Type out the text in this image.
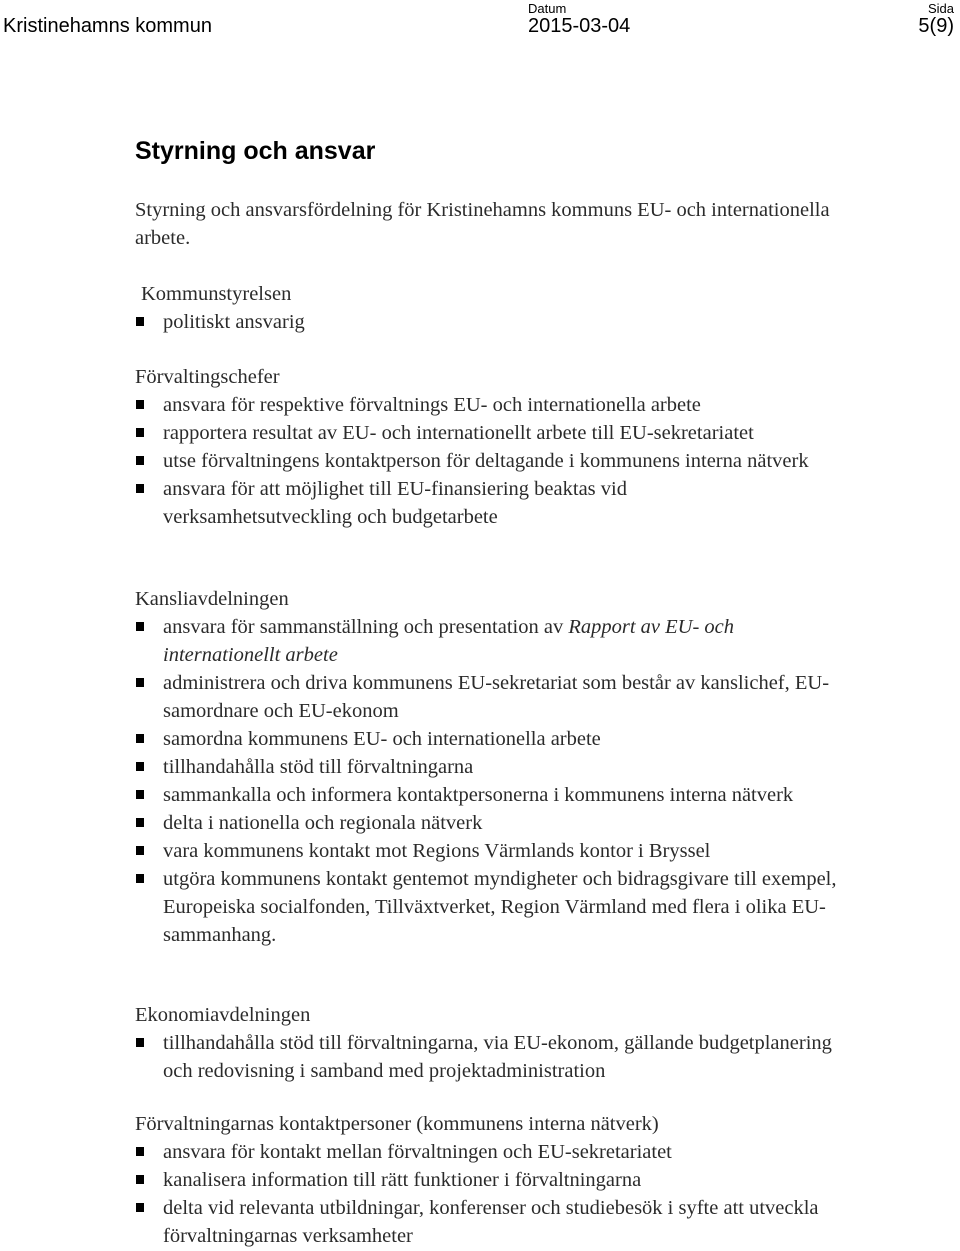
Kristinehamns kommun
Datum
2015-03-04
Sida
5(9)
Styrning och ansvar

Styrning och ansvarsfördelning för Kristinehamns kommuns EU- och internationella arbete.

Kommunstyrelsen
politiskt ansvarig
Förvaltingschefer
ansvara för respektive förvaltnings EU- och internationella arbete
rapportera resultat av EU- och internationellt arbete till EU-sekretariatet
utse förvaltningens kontaktperson för deltagande i kommunens interna nätverk
ansvara för att möjlighet till EU-finansiering beaktas vid verksamhetsutveckling och budgetarbete
Kansliavdelningen
ansvara för sammanställning och presentation av Rapport av EU- och internationellt arbete
administrera och driva kommunens EU-sekretariat som består av kanslichef, EU-samordnare och EU-ekonom
samordna kommunens EU- och internationella arbete
tillhandahålla stöd till förvaltningarna
sammankalla och informera kontaktpersonerna i kommunens interna nätverk
delta i nationella och regionala nätverk
vara kommunens kontakt mot Regions Värmlands kontor i Bryssel
utgöra kommunens kontakt gentemot myndigheter och bidragsgivare till exempel, Europeiska socialfonden, Tillväxtverket, Region Värmland med flera i olika EU-sammanhang.
Ekonomiavdelningen
tillhandahålla stöd till förvaltningarna, via EU-ekonom, gällande budgetplanering och redovisning i samband med projektadministration
Förvaltningarnas kontaktpersoner (kommunens interna nätverk)
ansvara för kontakt mellan förvaltningen och EU-sekretariatet
kanalisera information till rätt funktioner i förvaltningarna
delta vid relevanta utbildningar, konferenser och studiebesök i syfte att utveckla förvaltningarnas verksamheter
